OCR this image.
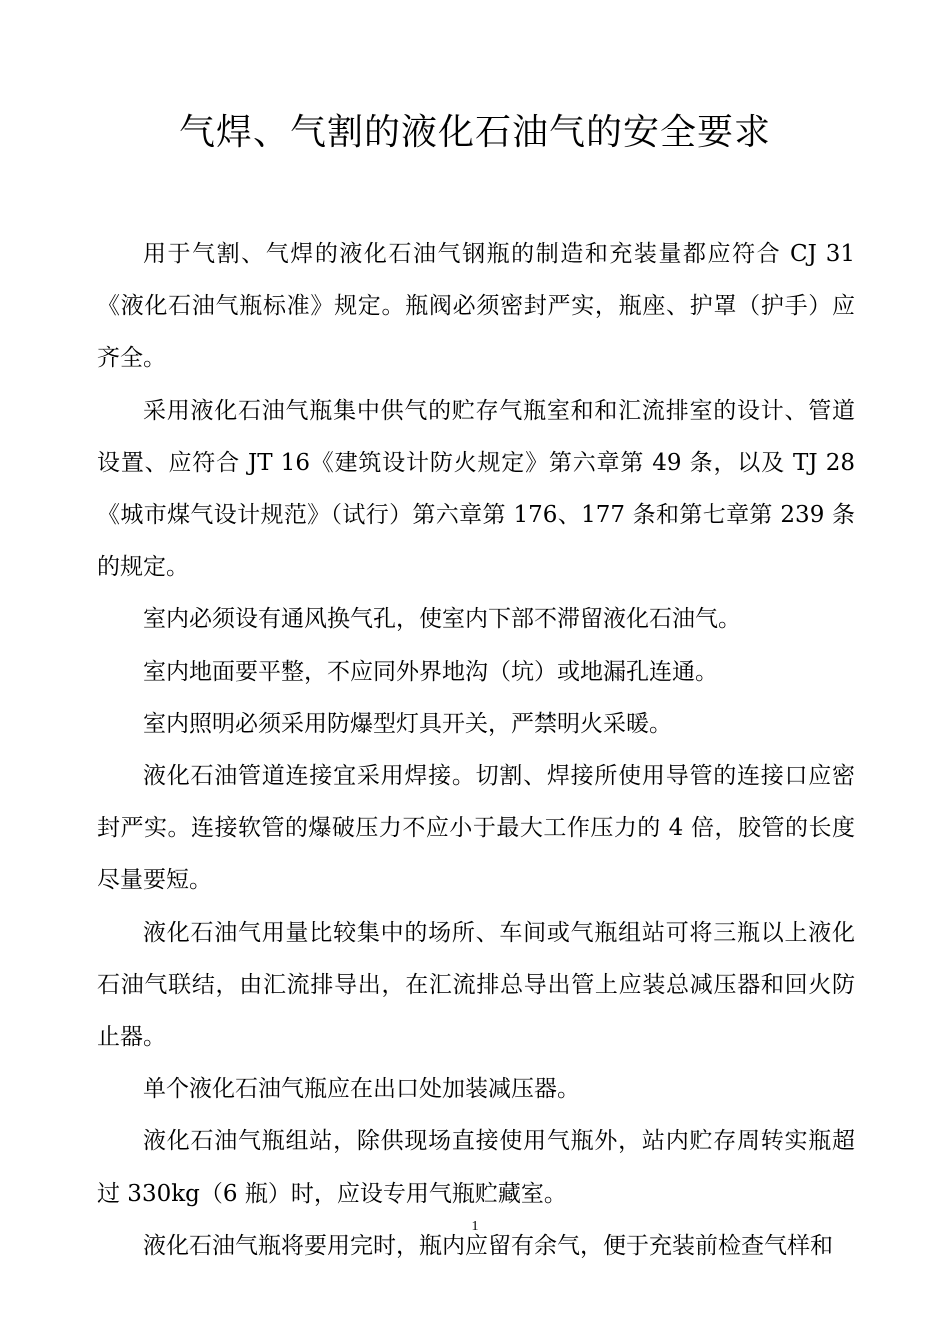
气焊、气割的液化石油气的安全要求

用于气割、气焊的液化石油气钢瓶的制造和充装量都应符合 CJ 31《液化石油气瓶标准》规定。瓶阀必须密封严实，瓶座、护罩（护手）应齐全。

采用液化石油气瓶集中供气的贮存气瓶室和和汇流排室的设计、管道设置、应符合 JT 16《建筑设计防火规定》第六章第 49 条，以及 TJ 28《城市煤气设计规范》（试行）第六章第 176、177 条和第七章第 239 条的规定。

室内必须设有通风换气孔，使室内下部不滞留液化石油气。

室内地面要平整，不应同外界地沟（坑）或地漏孔连通。

室内照明必须采用防爆型灯具开关，严禁明火采暖。

液化石油管道连接宜采用焊接。切割、焊接所使用导管的连接口应密封严实。连接软管的爆破压力不应小于最大工作压力的 4 倍，胶管的长度尽量要短。

液化石油气用量比较集中的场所、车间或气瓶组站可将三瓶以上液化石油气联结，由汇流排导出，在汇流排总导出管上应装总减压器和回火防止器。

单个液化石油气瓶应在出口处加装减压器。

液化石油气瓶组站，除供现场直接使用气瓶外，站内贮存周转实瓶超过 330kg（6 瓶）时，应设专用气瓶贮藏室。

液化石油气瓶将要用完时，瓶内应留有余气，便于充装前检查气样和

1
